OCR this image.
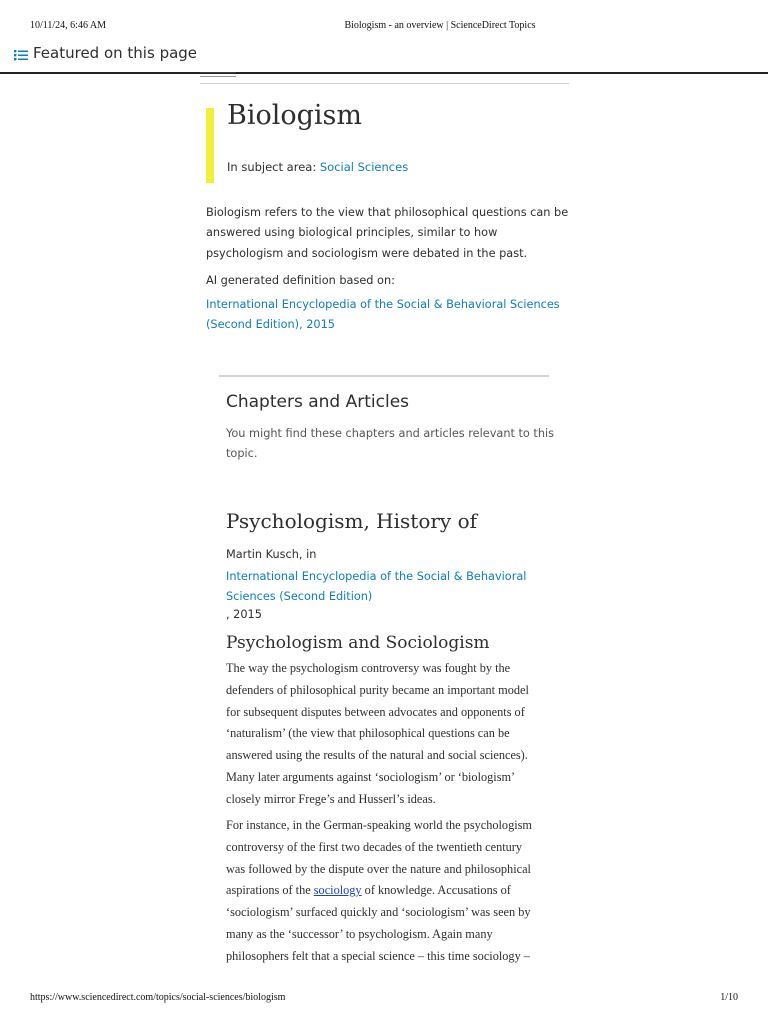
10/11/24, 6:46 AM	Biologism - an overview | ScienceDirect Topics
Featured on this page
Biologism
In subject area: Social Sciences

Biologism refers to the view that philosophical questions can be answered using biological principles, similar to how psychologism and sociologism were debated in the past.

AI generated definition based on:
International Encyclopedia of the Social & Behavioral Sciences (Second Edition), 2015
Chapters and Articles

You might find these chapters and articles relevant to this topic.

Psychologism, History of
Martin Kusch, in
International Encyclopedia of the Social & Behavioral Sciences (Second Edition)
, 2015
Psychologism and Sociologism

The way the psychologism controversy was fought by the defenders of philosophical purity became an important model for subsequent disputes between advocates and opponents of ‘naturalism’ (the view that philosophical questions can be answered using the results of the natural and social sciences). Many later arguments against ‘sociologism’ or ‘biologism’ closely mirror Frege’s and Husserl’s ideas.

For instance, in the German-speaking world the psychologism controversy of the first two decades of the twentieth century was followed by the dispute over the nature and philosophical aspirations of the sociology of knowledge. Accusations of ‘sociologism’ surfaced quickly and ‘sociologism’ was seen by many as the ‘successor’ to psychologism. Again many philosophers felt that a special science – this time sociology –

https://www.sciencedirect.com/topics/social-sciences/biologism	1/10
